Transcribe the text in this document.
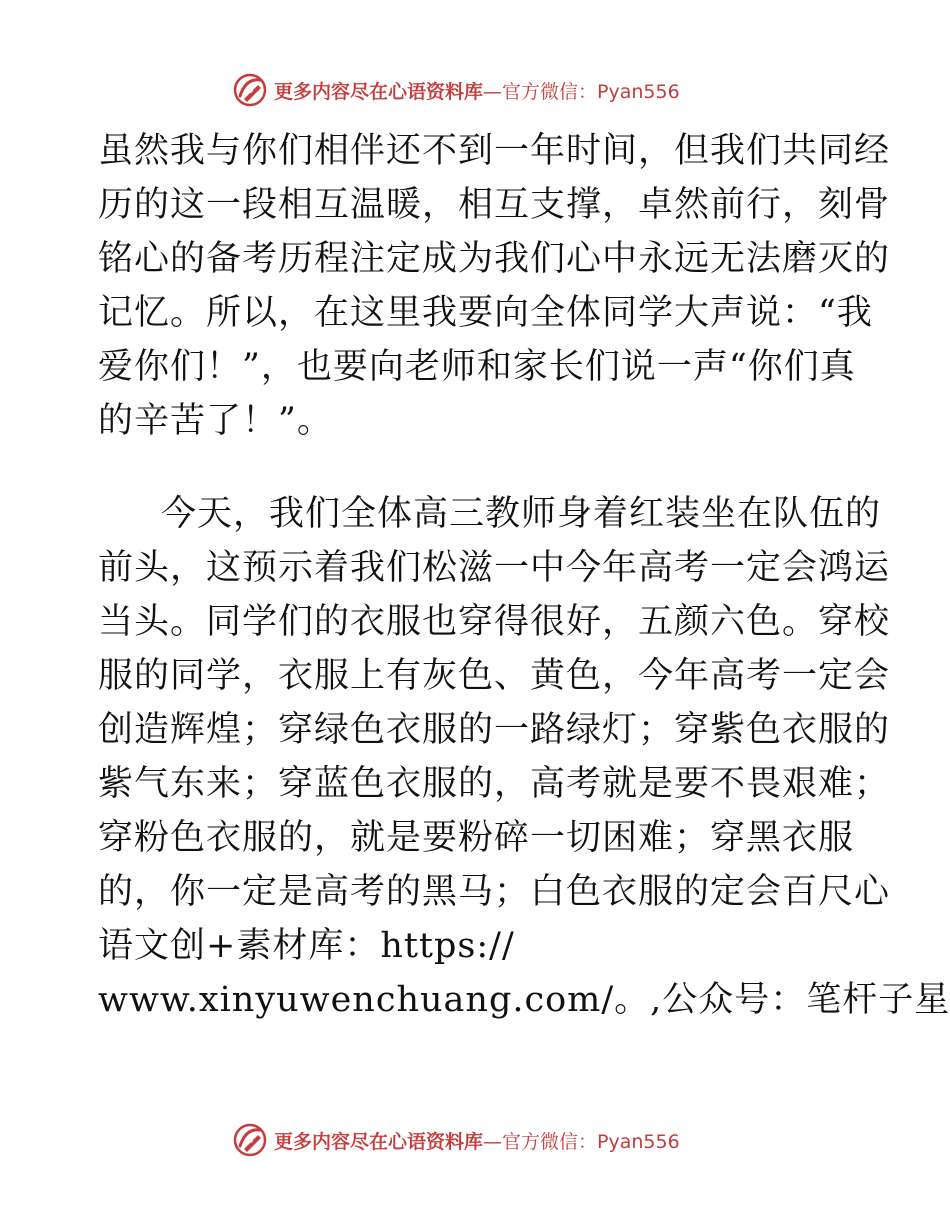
更多内容尽在心语资料库—官方微信：Pyan556
虽然我与你们相伴还不到一年时间，但我们共同经
历的这一段相互温暖，相互支撑，卓然前行，刻骨
铭心的备考历程注定成为我们心中永远无法磨灭的
记忆。所以，在这里我要向全体同学大声说：“我
爱你们！”，也要向老师和家长们说一声“你们真
的辛苦了！”。
今天，我们全体高三教师身着红装坐在队伍的
前头，这预示着我们松滋一中今年高考一定会鸿运
当头。同学们的衣服也穿得很好，五颜六色。穿校
服的同学，衣服上有灰色、黄色，今年高考一定会
创造辉煌；穿绿色衣服的一路绿灯；穿紫色衣服的
紫气东来；穿蓝色衣服的，高考就是要不畏艰难；
穿粉色衣服的，就是要粉碎一切困难；穿黑衣服
的，你一定是高考的黑马；白色衣服的定会百尺心
语文创+素材库：https://
www.xinyuwenchuang.com/。,公众号：笔杆子星
更多内容尽在心语资料库—官方微信：Pyan556
